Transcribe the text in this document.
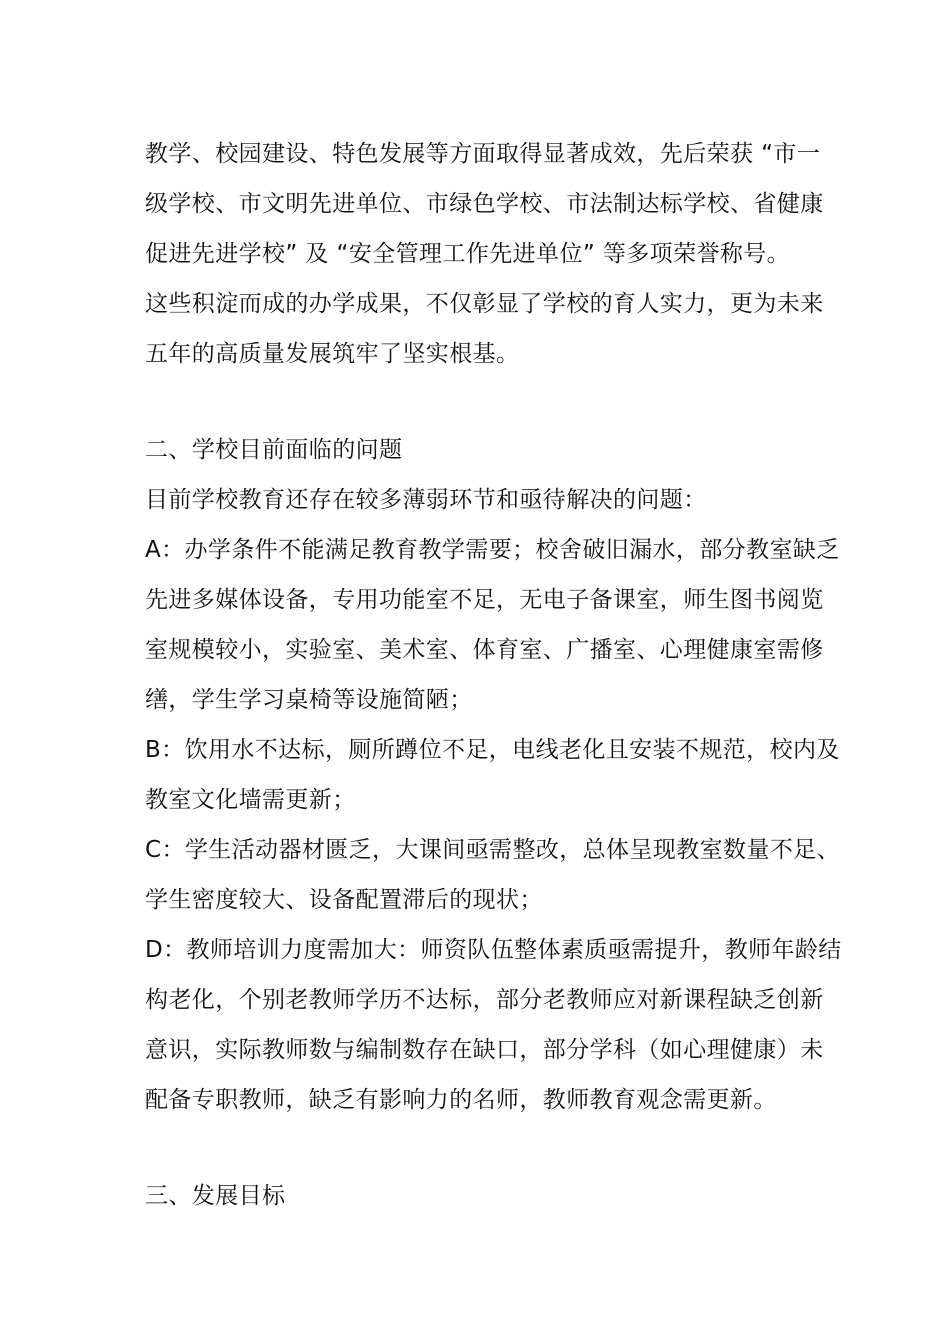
教学、校园建设、特色发展等方面取得显著成效，先后荣获 “市一
级学校、市文明先进单位、市绿色学校、市法制达标学校、省健康
促进先进学校” 及 “安全管理工作先进单位” 等多项荣誉称号。
这些积淀而成的办学成果，不仅彰显了学校的育人实力，更为未来
五年的高质量发展筑牢了坚实根基。
二、学校目前面临的问题
目前学校教育还存在较多薄弱环节和亟待解决的问题：
A：办学条件不能满足教育教学需要；校舍破旧漏水，部分教室缺乏
先进多媒体设备，专用功能室不足，无电子备课室，师生图书阅览
室规模较小，实验室、美术室、体育室、广播室、心理健康室需修
缮，学生学习桌椅等设施简陋；
B：饮用水不达标，厕所蹲位不足，电线老化且安装不规范，校内及
教室文化墙需更新；
C：学生活动器材匮乏，大课间亟需整改，总体呈现教室数量不足、
学生密度较大、设备配置滞后的现状；
D：教师培训力度需加大：师资队伍整体素质亟需提升，教师年龄结
构老化，个别老教师学历不达标，部分老教师应对新课程缺乏创新
意识，实际教师数与编制数存在缺口，部分学科（如心理健康）未
配备专职教师，缺乏有影响力的名师，教师教育观念需更新。
三、发展目标
